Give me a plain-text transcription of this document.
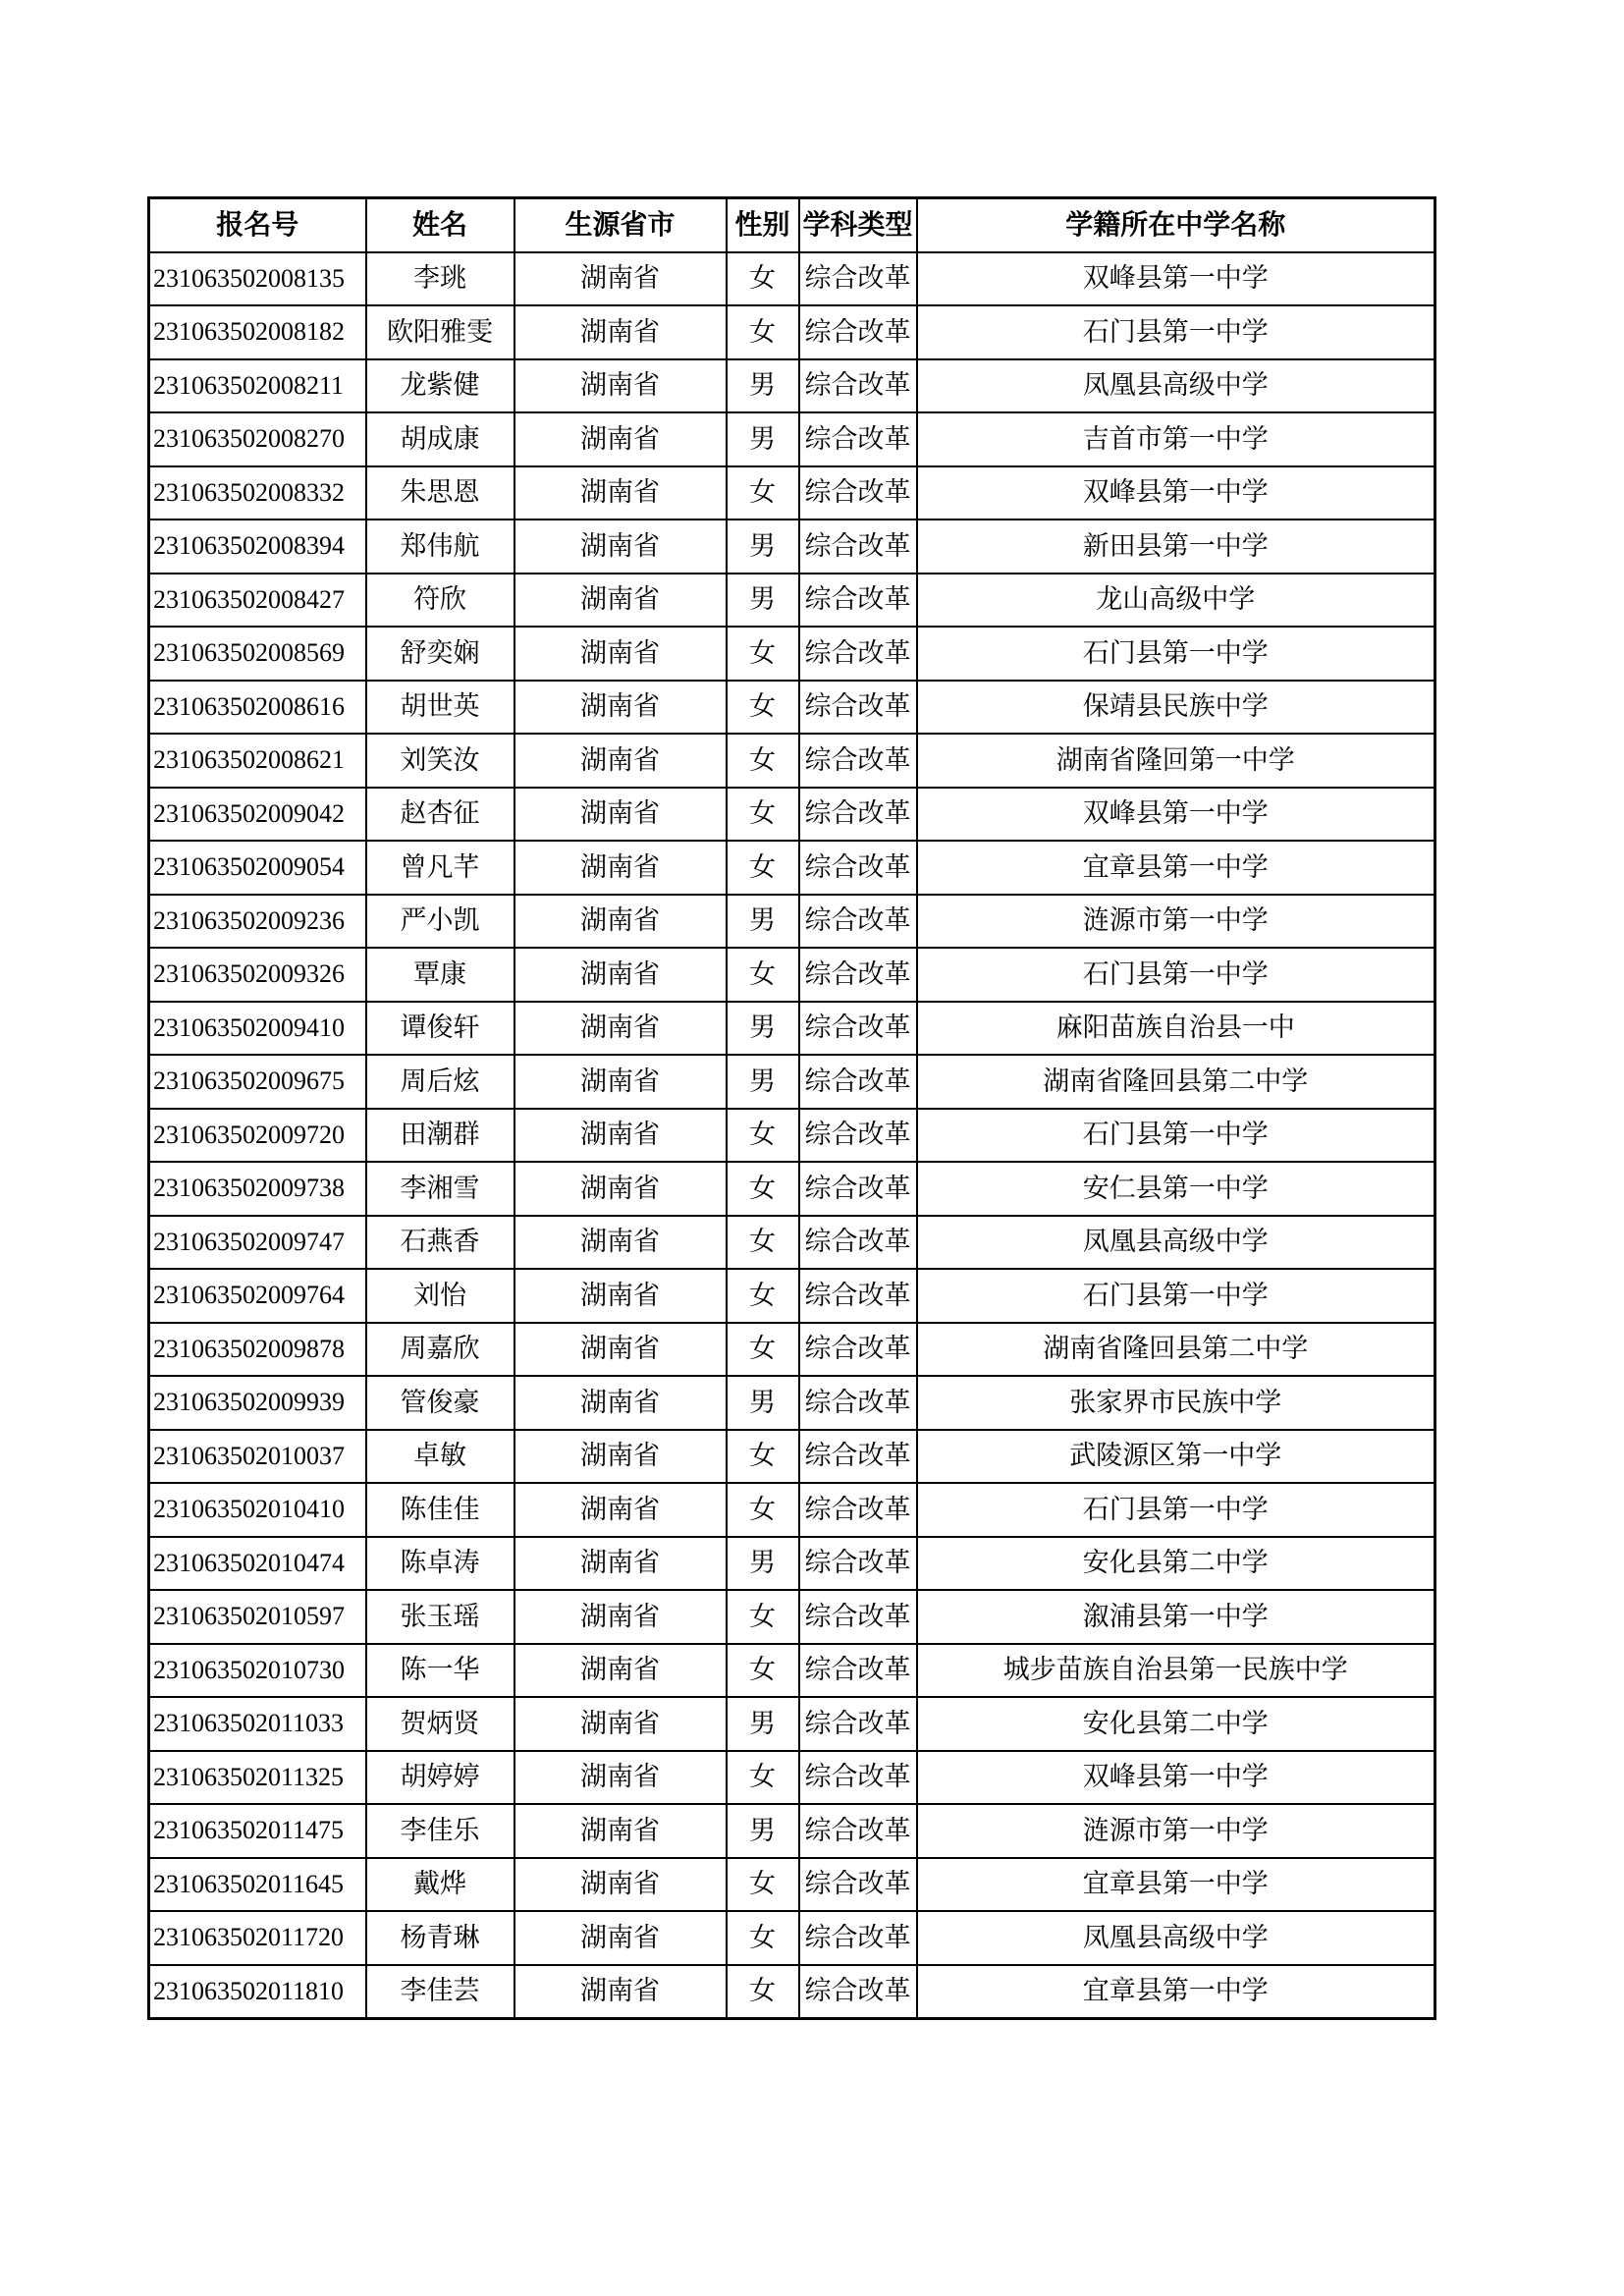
报名号	姓名	生源省市	性别	学科类型	学籍所在中学名称
231063502008135	李珧	湖南省	女	综合改革	双峰县第一中学
231063502008182	欧阳雅雯	湖南省	女	综合改革	石门县第一中学
231063502008211	龙紫健	湖南省	男	综合改革	凤凰县高级中学
231063502008270	胡成康	湖南省	男	综合改革	吉首市第一中学
231063502008332	朱思恩	湖南省	女	综合改革	双峰县第一中学
231063502008394	郑伟航	湖南省	男	综合改革	新田县第一中学
231063502008427	符欣	湖南省	男	综合改革	龙山高级中学
231063502008569	舒奕娴	湖南省	女	综合改革	石门县第一中学
231063502008616	胡世英	湖南省	女	综合改革	保靖县民族中学
231063502008621	刘笑汝	湖南省	女	综合改革	湖南省隆回第一中学
231063502009042	赵杏征	湖南省	女	综合改革	双峰县第一中学
231063502009054	曾凡芊	湖南省	女	综合改革	宜章县第一中学
231063502009236	严小凯	湖南省	男	综合改革	涟源市第一中学
231063502009326	覃康	湖南省	女	综合改革	石门县第一中学
231063502009410	谭俊轩	湖南省	男	综合改革	麻阳苗族自治县一中
231063502009675	周后炫	湖南省	男	综合改革	湖南省隆回县第二中学
231063502009720	田潮群	湖南省	女	综合改革	石门县第一中学
231063502009738	李湘雪	湖南省	女	综合改革	安仁县第一中学
231063502009747	石燕香	湖南省	女	综合改革	凤凰县高级中学
231063502009764	刘怡	湖南省	女	综合改革	石门县第一中学
231063502009878	周嘉欣	湖南省	女	综合改革	湖南省隆回县第二中学
231063502009939	管俊豪	湖南省	男	综合改革	张家界市民族中学
231063502010037	卓敏	湖南省	女	综合改革	武陵源区第一中学
231063502010410	陈佳佳	湖南省	女	综合改革	石门县第一中学
231063502010474	陈卓涛	湖南省	男	综合改革	安化县第二中学
231063502010597	张玉瑶	湖南省	女	综合改革	溆浦县第一中学
231063502010730	陈一华	湖南省	女	综合改革	城步苗族自治县第一民族中学
231063502011033	贺炳贤	湖南省	男	综合改革	安化县第二中学
231063502011325	胡婷婷	湖南省	女	综合改革	双峰县第一中学
231063502011475	李佳乐	湖南省	男	综合改革	涟源市第一中学
231063502011645	戴烨	湖南省	女	综合改革	宜章县第一中学
231063502011720	杨青琳	湖南省	女	综合改革	凤凰县高级中学
231063502011810	李佳芸	湖南省	女	综合改革	宜章县第一中学
